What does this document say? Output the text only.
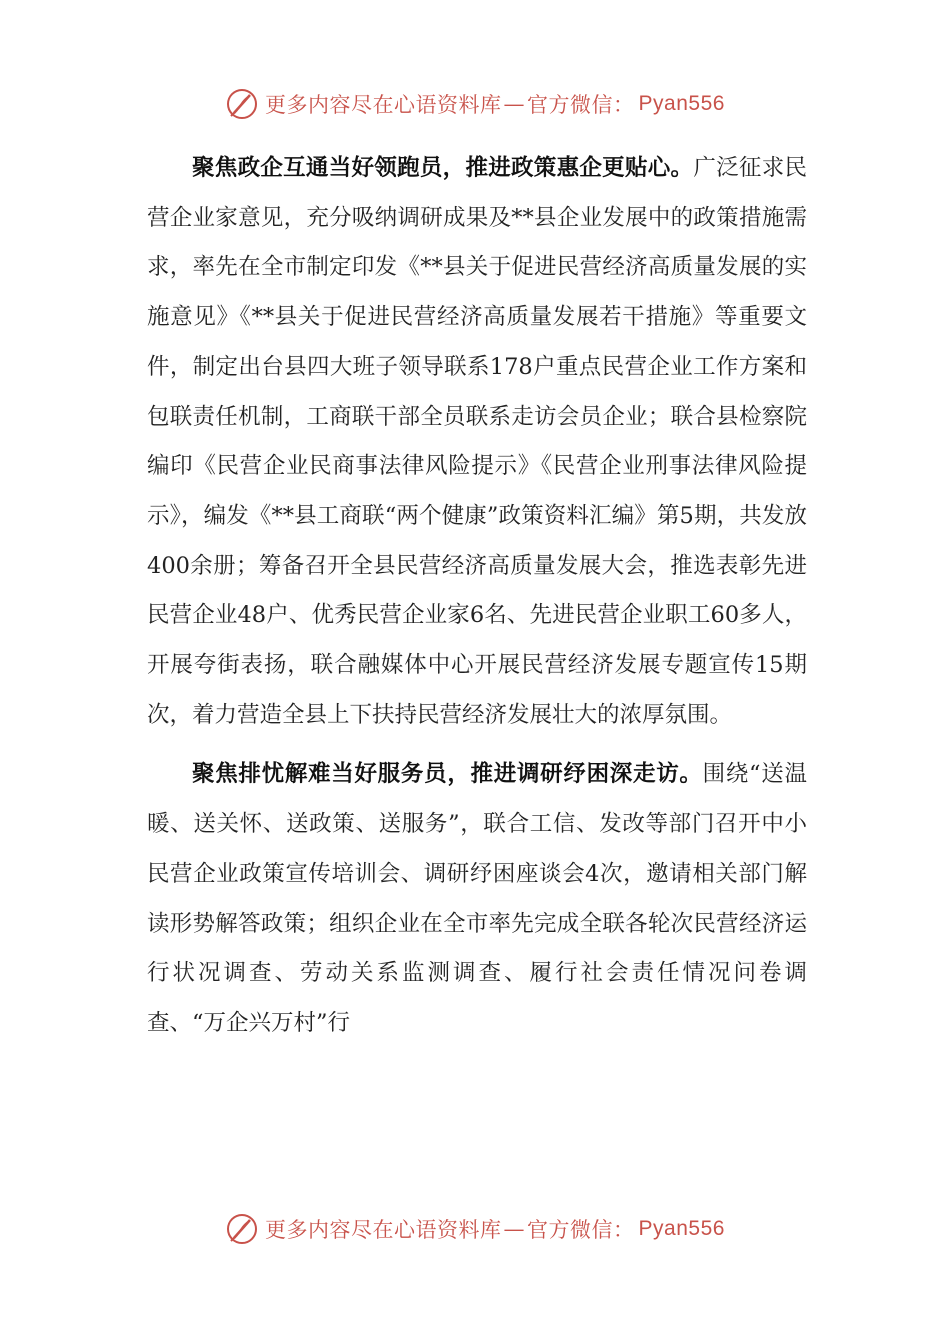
更多内容尽在心语资料库 — 官方微信： Pyan556

聚焦政企互通当好领跑员，推进政策惠企更贴心。广泛征求民营企业家意见，充分吸纳调研成果及**县企业发展中的政策措施需求，率先在全市制定印发《**县关于促进民营经济高质量发展的实施意见》《**县关于促进民营经济高质量发展若干措施》等重要文件，制定出台县四大班子领导联系178户重点民营企业工作方案和包联责任机制，工商联干部全员联系走访会员企业；联合县检察院编印《民营企业民商事法律风险提示》《民营企业刑事法律风险提示》，编发《**县工商联“两个健康”政策资料汇编》第5期，共发放400余册；筹备召开全县民营经济高质量发展大会，推选表彰先进民营企业48户、优秀民营企业家6名、先进民营企业职工60多人，开展夸街表扬，联合融媒体中心开展民营经济发展专题宣传15期次，着力营造全县上下扶持民营经济发展壮大的浓厚氛围。

聚焦排忧解难当好服务员，推进调研纾困深走访。围绕“送温暖、送关怀、送政策、送服务”，联合工信、发改等部门召开中小民营企业政策宣传培训会、调研纾困座谈会4次，邀请相关部门解读形势解答政策；组织企业在全市率先完成全联各轮次民营经济运行状况调查、劳动关系监测调查、履行社会责任情况问卷调查、“万企兴万村”行

更多内容尽在心语资料库 — 官方微信： Pyan556
